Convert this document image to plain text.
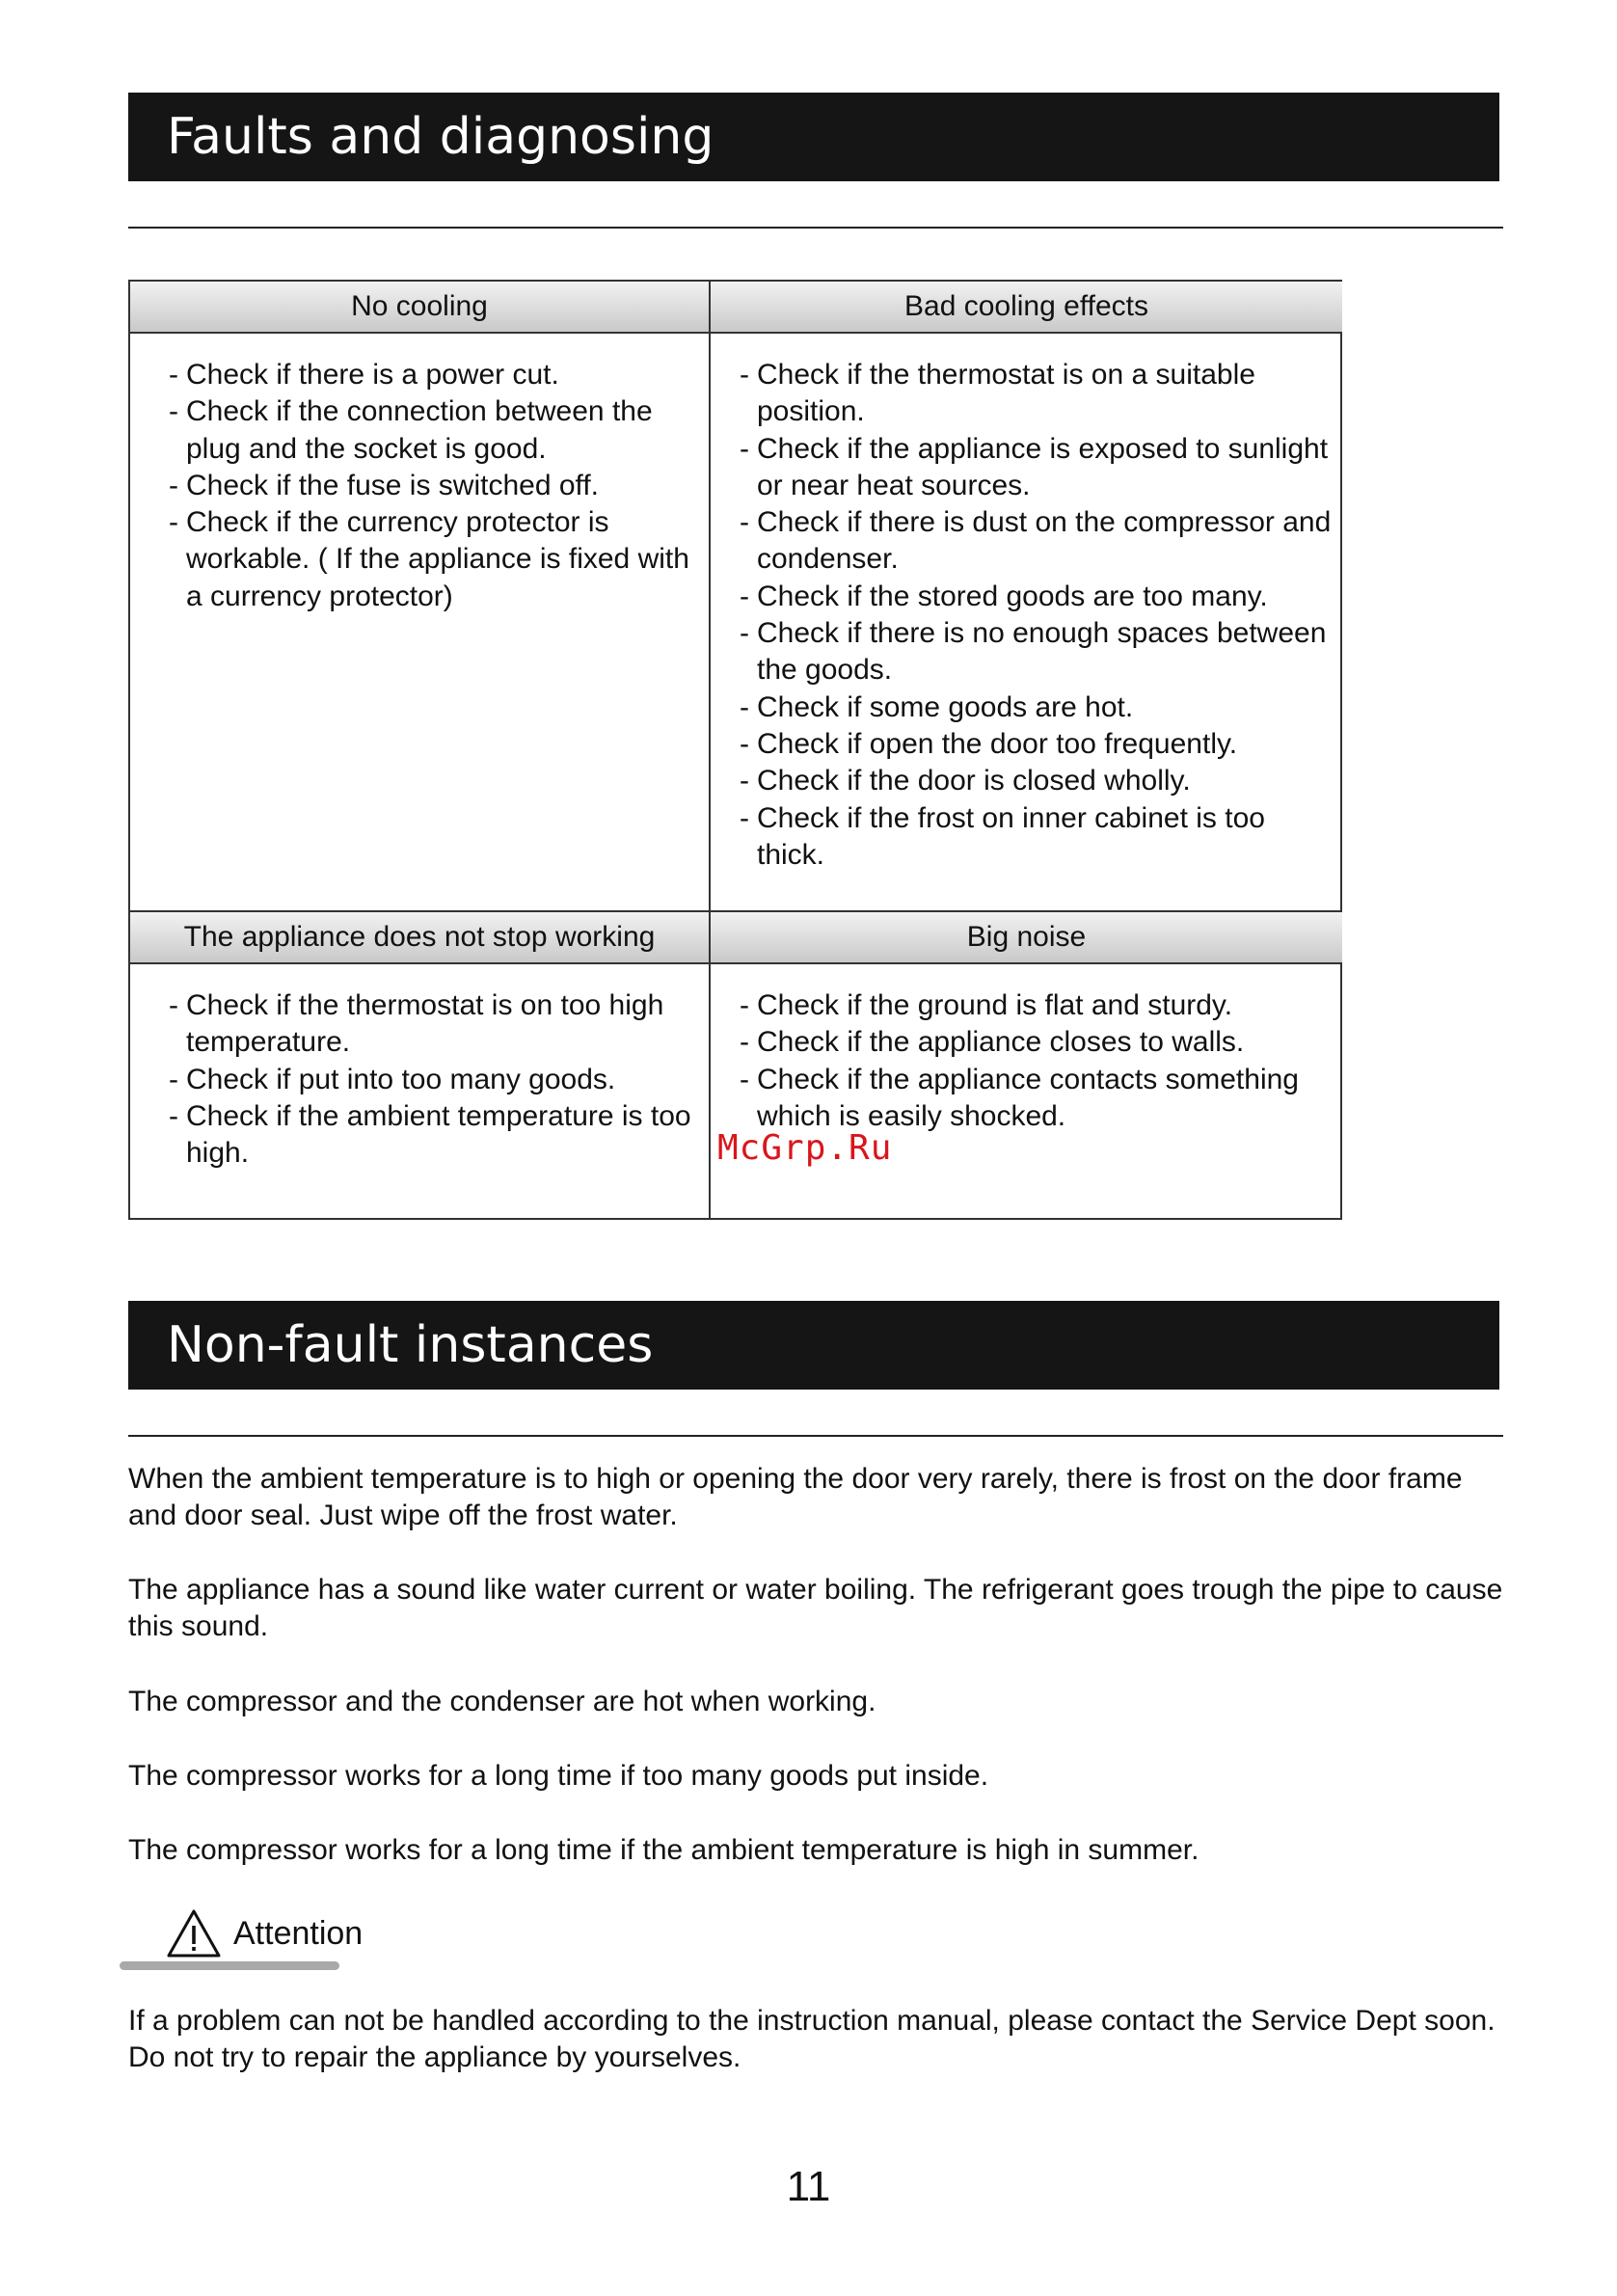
Faults and diagnosing
No cooling
- Check if there is a power cut.
- Check if the connection between the plug and the socket is good.
- Check if the fuse is switched off.
- Check if the currency protector is workable. ( If the appliance is fixed with a currency protector)
Bad cooling effects
- Check if the thermostat is on a suitable position.
- Check if the appliance is exposed to sunlight or near heat sources.
- Check if there is dust on the compressor and condenser.
- Check if the stored goods are too many.
- Check if there is no enough spaces between the goods.
- Check if some goods are hot.
- Check if open the door too frequently.
- Check if the door is closed wholly.
- Check if the frost on inner cabinet is too thick.
The appliance does not stop working
- Check if the thermostat is on too high temperature.
- Check if put into too many goods.
- Check if the ambient temperature is too high.
Big noise
- Check if the ground is flat and sturdy.
- Check if the appliance closes to walls.
- Check if the appliance contacts something which is easily shocked.
McGrp.Ru
Non-fault instances

When the ambient temperature is to high or opening the door very rarely, there is frost on the door frame and door seal. Just wipe off the frost water.

The appliance has a sound like water current or water boiling. The refrigerant goes trough the pipe to cause this sound.

The compressor and the condenser are hot when working.

The compressor works for a long time if too many goods put inside.

The compressor works for a long time if the ambient temperature is high in summer.

Attention

If a problem can not be handled according to the instruction manual, please contact the Service Dept soon. Do not try to repair the appliance by yourselves.

11
